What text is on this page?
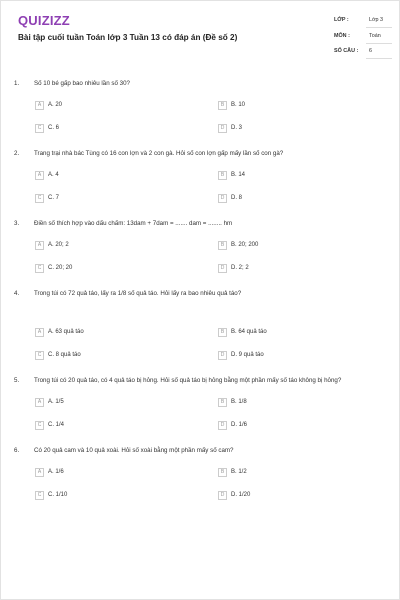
QUIZIZZ
Bài tập cuối tuần Toán lớp 3 Tuần 13 có đáp án (Đề số 2)
LỚP :	Lớp 3
MÔN :	Toán
SỐ CÂU : 6
1. Số 10 bé gấp bao nhiêu lần số 30?
A A. 20	B B. 10
C C. 6	D D. 3
2. Trang trại nhà bác Tùng có 16 con lợn và 2 con gà. Hỏi số con lợn gấp mấy lần số con gà?
A A. 4	B B. 14
C C. 7	D D. 8
3. Điền số thích hợp vào dấu chấm: 13dam + 7dam = ....... dam = ........ hm
A A. 20; 2	B B. 20; 200
C C. 20; 20	D D. 2; 2
4. Trong túi có 72 quả táo, lấy ra 1/8 số quả táo. Hỏi lấy ra bao nhiêu quả táo?
A A. 63 quả táo	B B. 64 quả táo
C C. 8 quả táo	D D. 9 quả táo
5. Trong túi có 20 quả táo, có 4 quả táo bị hỏng. Hỏi số quả táo bị hỏng bằng một phần mấy số táo không bị hỏng?
A A. 1/5	B B. 1/8
C C. 1/4	D D. 1/6
6. Có 20 quả cam và 10 quả xoài. Hỏi số xoài bằng một phần mấy số cam?
A A. 1/6	B B. 1/2
C C. 1/10	D D. 1/20
